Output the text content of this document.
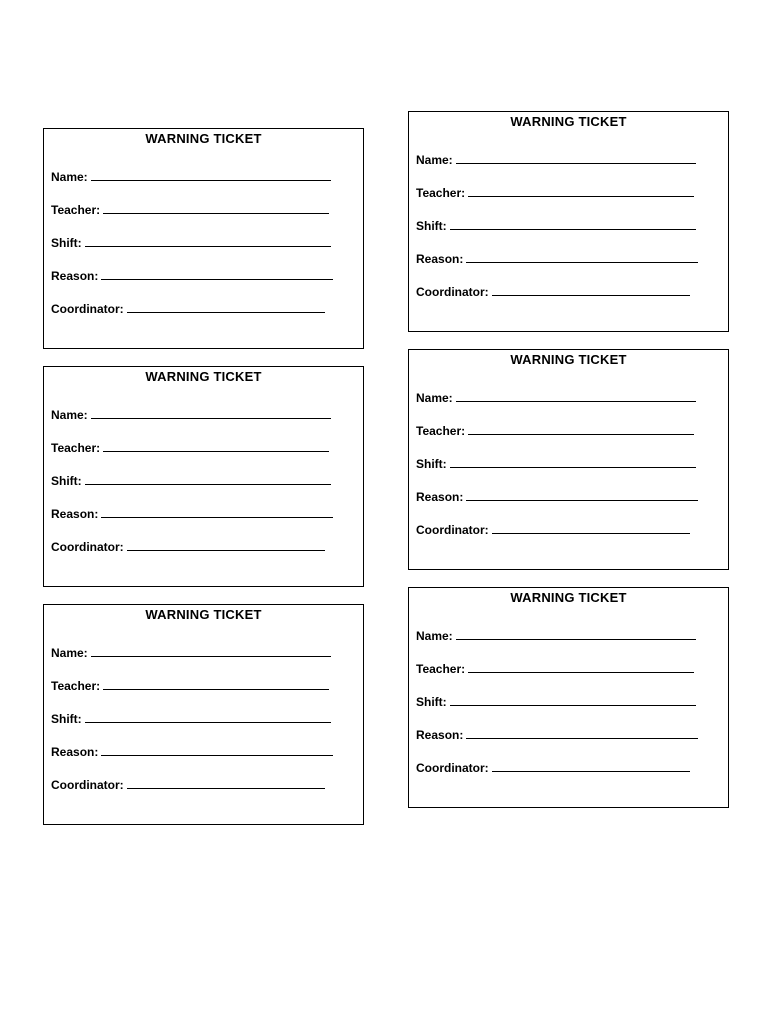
WARNING TICKET
Name:
Teacher:
Shift:
Reason:
Coordinator:
WARNING TICKET
Name:
Teacher:
Shift:
Reason:
Coordinator:
WARNING TICKET
Name:
Teacher:
Shift:
Reason:
Coordinator:
WARNING TICKET
Name:
Teacher:
Shift:
Reason:
Coordinator:
WARNING TICKET
Name:
Teacher:
Shift:
Reason:
Coordinator:
WARNING TICKET
Name:
Teacher:
Shift:
Reason:
Coordinator:
